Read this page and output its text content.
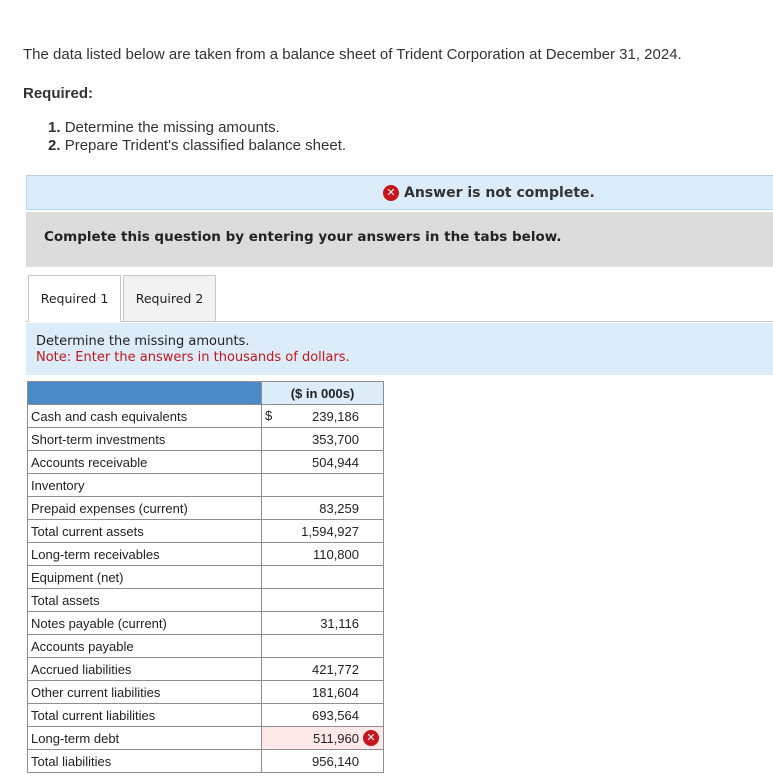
The data listed below are taken from a balance sheet of Trident Corporation at December 31, 2024.
Required:
1. Determine the missing amounts.
2. Prepare Trident's classified balance sheet.
✕ Answer is not complete.
Complete this question by entering your answers in the tabs below.
Required 1 Required 2
Determine the missing amounts.
Note: Enter the answers in thousands of dollars.
	($ in 000s)
Cash and cash equivalents	$ 239,186
Short-term investments	353,700
Accounts receivable	504,944
Inventory	
Prepaid expenses (current)	83,259
Total current assets	1,594,927
Long-term receivables	110,800
Equipment (net)	
Total assets	
Notes payable (current)	31,116
Accounts payable	
Accrued liabilities	421,772
Other current liabilities	181,604
Total current liabilities	693,564
Long-term debt	511,960 ✕

Total liabilities	956,140
